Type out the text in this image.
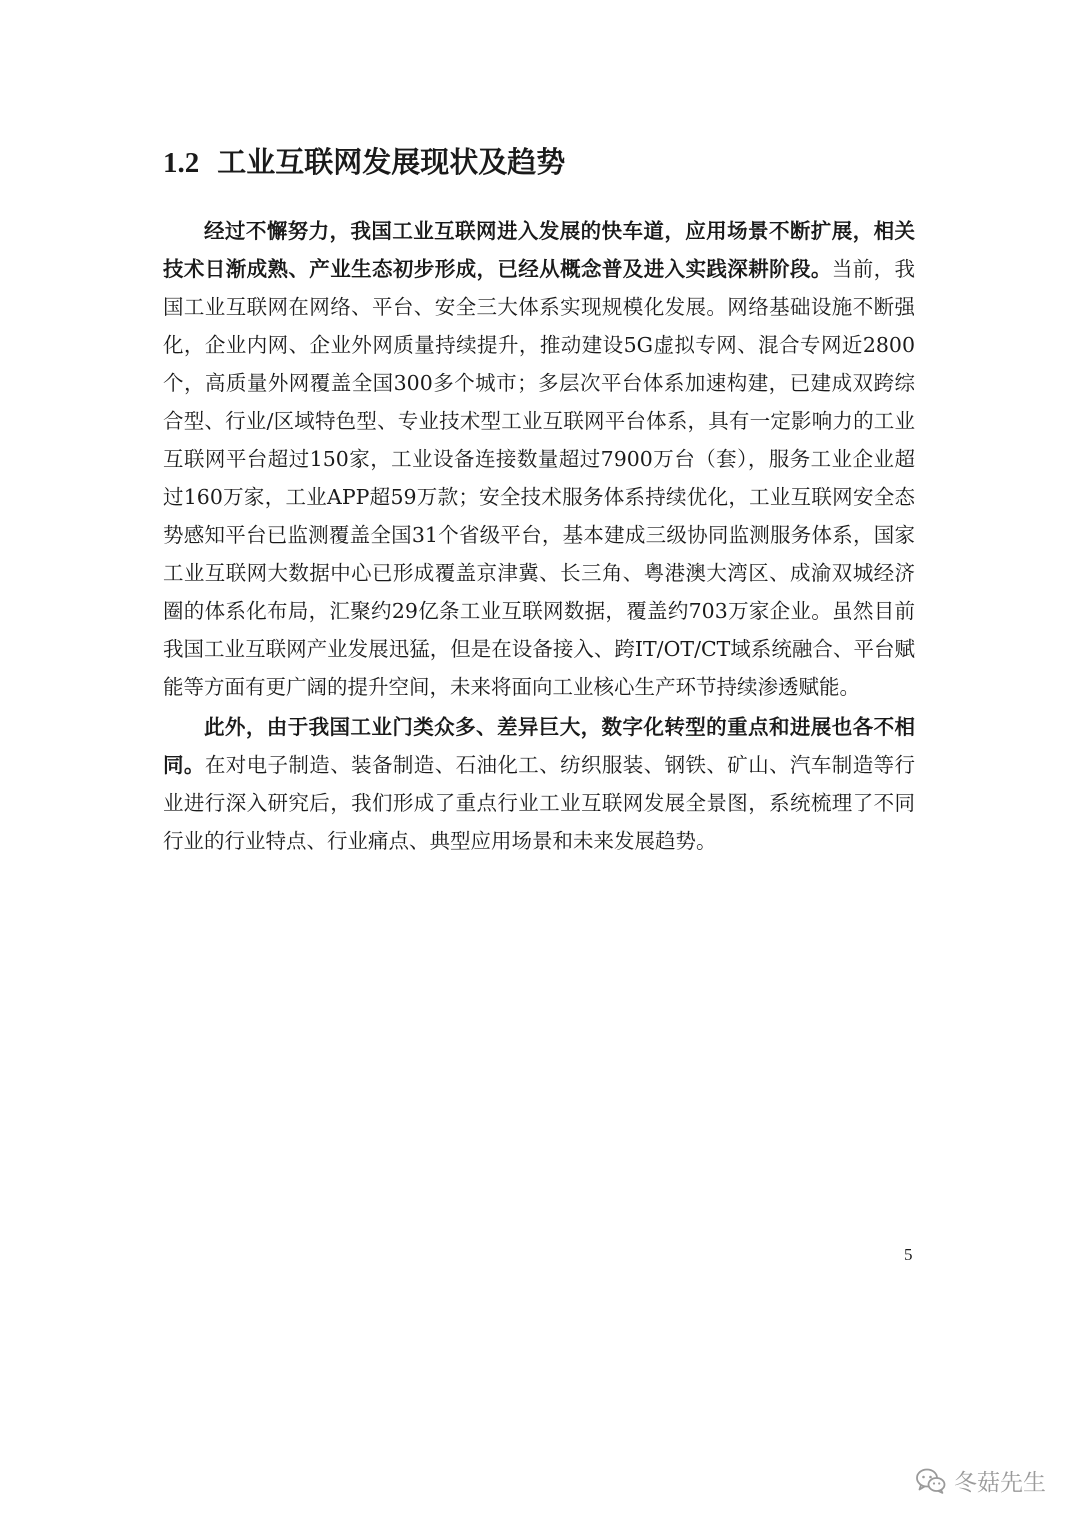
1.2 工业互联网发展现状及趋势

经过不懈努力，我国工业互联网进入发展的快车道，应用场景不断扩展，相关技术日渐成熟、产业生态初步形成，已经从概念普及进入实践深耕阶段。当前，我国工业互联网在网络、平台、安全三大体系实现规模化发展。网络基础设施不断强化，企业内网、企业外网质量持续提升，推动建设5G虚拟专网、混合专网近2800个，高质量外网覆盖全国300多个城市；多层次平台体系加速构建，已建成双跨综合型、行业/区域特色型、专业技术型工业互联网平台体系，具有一定影响力的工业互联网平台超过150家，工业设备连接数量超过7900万台（套），服务工业企业超过160万家，工业APP超59万款；安全技术服务体系持续优化，工业互联网安全态势感知平台已监测覆盖全国31个省级平台，基本建成三级协同监测服务体系，国家工业互联网大数据中心已形成覆盖京津冀、长三角、粤港澳大湾区、成渝双城经济圈的体系化布局，汇聚约29亿条工业互联网数据，覆盖约703万家企业。虽然目前我国工业互联网产业发展迅猛，但是在设备接入、跨IT/OT/CT域系统融合、平台赋能等方面有更广阔的提升空间，未来将面向工业核心生产环节持续渗透赋能。

此外，由于我国工业门类众多、差异巨大，数字化转型的重点和进展也各不相同。在对电子制造、装备制造、石油化工、纺织服装、钢铁、矿山、汽车制造等行业进行深入研究后，我们形成了重点行业工业互联网发展全景图，系统梳理了不同行业的行业特点、行业痛点、典型应用场景和未来发展趋势。

5
冬菇先生
